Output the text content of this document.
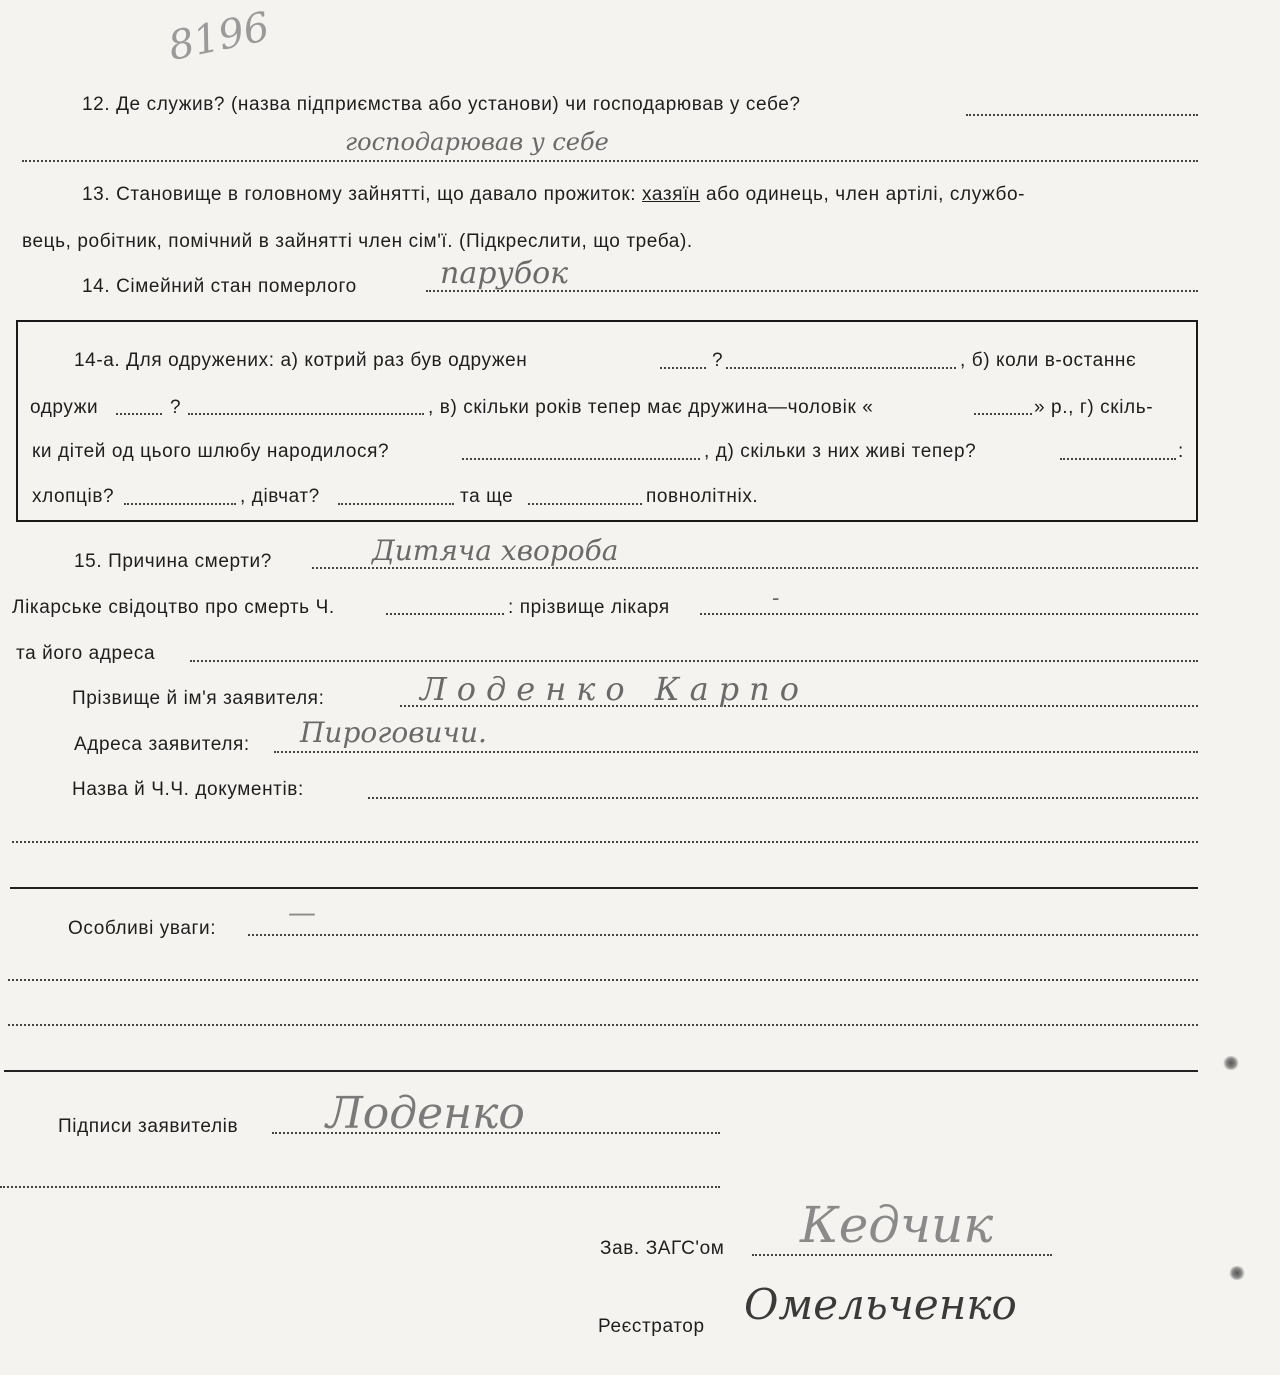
8196
12. Де служив? (назва підприємства або установи) чи господарював у себе?
господарював у себе
13. Становище в головному зайнятті, що давало прожиток: хазяїн або одинець, член артілі, службо-
вець, робітник, помічний в зайнятті член сім'ї. (Підкреслити, що треба).
14. Сімейний стан померлого	парубок
14-а. Для одружених: а) котрий раз був одружен	?	, б) коли в-останнє
одружи	?	, в) скільки років тепер має дружина—чоловік «	» р., г) скіль-
ки дітей од цього шлюбу народилося?	, д) скільки з них живі тепер?	:
хлопців?	, дівчат?	та ще	повнолітніх.
15. Причина смерти?	Дитяча хвороба
Лікарське свідоцтво про смерть Ч.	: прізвище лікаря	-
та його адреса
Прізвище й ім'я заявителя:	Лоденко Карпо
Адреса заявителя: Пироговичи.
Назва й Ч.Ч. документів:
Особливі уваги:	—
Підписи заявителів Лоденко
Зав. ЗАГС'ом Кедчик
Реєстратор Омельченко
